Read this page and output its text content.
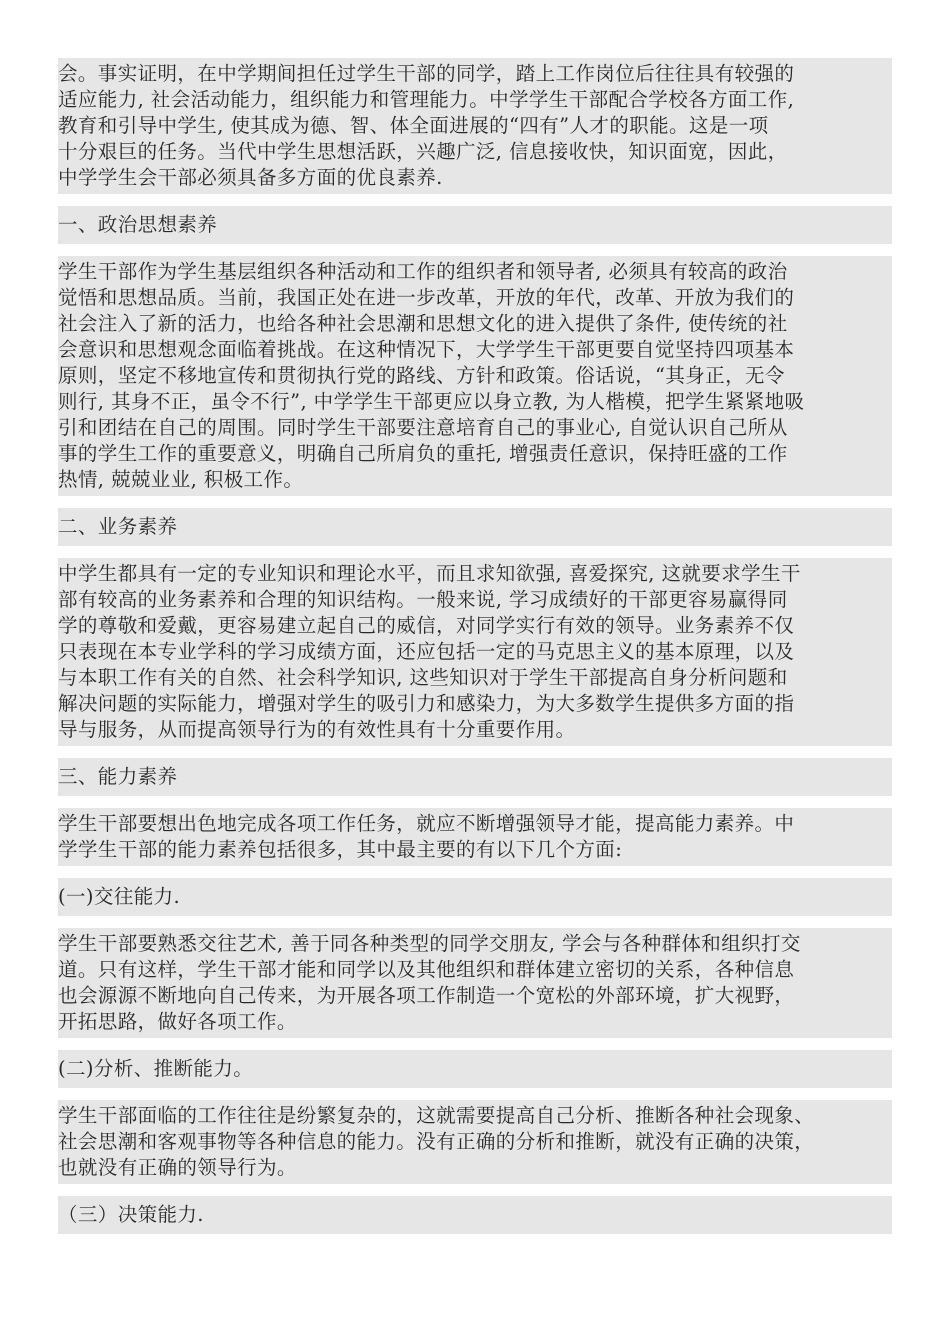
会。事实证明，在中学期间担任过学生干部的同学，踏上工作岗位后往往具有较强的
适应能力, 社会活动能力，组织能力和管理能力。中学学生干部配合学校各方面工作,
教育和引导中学生, 使其成为德、智、体全面进展的“四有”人才的职能。这是一项
十分艰巨的任务。当代中学生思想活跃，兴趣广泛, 信息接收快，知识面宽，因此，
中学学生会干部必须具备多方面的优良素养.

一、政治思想素养

学生干部作为学生基层组织各种活动和工作的组织者和领导者, 必须具有较高的政治
觉悟和思想品质。当前，我国正处在进一步改革，开放的年代，改革、开放为我们的
社会注入了新的活力，也给各种社会思潮和思想文化的进入提供了条件, 使传统的社
会意识和思想观念面临着挑战。在这种情况下，大学学生干部更要自觉坚持四项基本
原则，坚定不移地宣传和贯彻执行党的路线、方针和政策。俗话说，“其身正，无令
则行, 其身不正，虽令不行”, 中学学生干部更应以身立教, 为人楷模，把学生紧紧地吸
引和团结在自己的周围。同时学生干部要注意培育自己的事业心, 自觉认识自己所从
事的学生工作的重要意义，明确自己所肩负的重托, 增强责任意识，保持旺盛的工作
热情, 兢兢业业, 积极工作。

二、业务素养

中学生都具有一定的专业知识和理论水平，而且求知欲强, 喜爱探究, 这就要求学生干
部有较高的业务素养和合理的知识结构。一般来说, 学习成绩好的干部更容易赢得同
学的尊敬和爱戴，更容易建立起自己的威信，对同学实行有效的领导。业务素养不仅
只表现在本专业学科的学习成绩方面，还应包括一定的马克思主义的基本原理，以及
与本职工作有关的自然、社会科学知识, 这些知识对于学生干部提高自身分析问题和
解决问题的实际能力，增强对学生的吸引力和感染力，为大多数学生提供多方面的指
导与服务，从而提高领导行为的有效性具有十分重要作用。

三、能力素养

学生干部要想出色地完成各项工作任务，就应不断增强领导才能，提高能力素养。中
学学生干部的能力素养包括很多，其中最主要的有以下几个方面:

(一)交往能力.

学生干部要熟悉交往艺术, 善于同各种类型的同学交朋友, 学会与各种群体和组织打交
道。只有这样，学生干部才能和同学以及其他组织和群体建立密切的关系，各种信息
也会源源不断地向自己传来，为开展各项工作制造一个宽松的外部环境，扩大视野，
开拓思路，做好各项工作。

(二)分析、推断能力。

学生干部面临的工作往往是纷繁复杂的，这就需要提高自己分析、推断各种社会现象、
社会思潮和客观事物等各种信息的能力。没有正确的分析和推断，就没有正确的决策，
也就没有正确的领导行为。

（三）决策能力.
